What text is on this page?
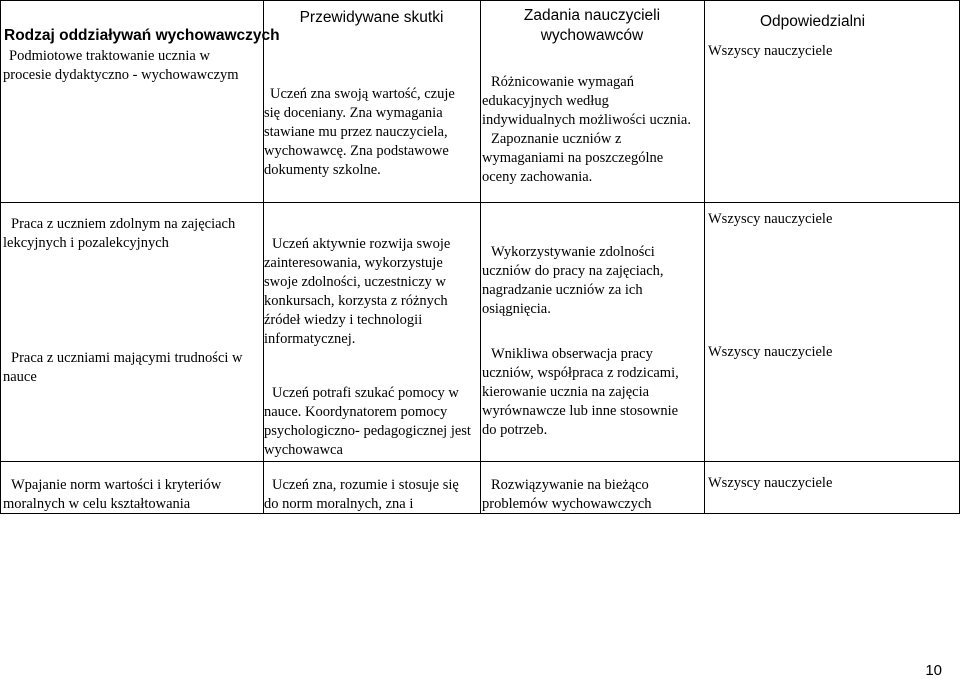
Rodzaj oddziaływań wychowawczych
Przewidywane skutki	Zadania nauczycieli
wychowawców
Odpowiedzialni
Podmiotowe traktowanie ucznia w
procesie dydaktyczno - wychowawczym
Uczeń zna swoją wartość, czuje
się doceniany. Zna wymagania
stawiane mu przez nauczyciela,
wychowawcę. Zna podstawowe
dokumenty szkolne.
Różnicowanie wymagań
edukacyjnych według
indywidualnych możliwości ucznia.
Zapoznanie uczniów z
wymaganiami na poszczególne
oceny zachowania.
Wszyscy nauczyciele
Praca z uczniem zdolnym na zajęciach
lekcyjnych i pozalekcyjnych
Praca z uczniami mającymi trudności w
nauce
Uczeń aktywnie rozwija swoje
zainteresowania, wykorzystuje
swoje zdolności, uczestniczy w
konkursach, korzysta z różnych
źródeł wiedzy i technologii
informatycznej.
Uczeń potrafi szukać pomocy w
nauce. Koordynatorem pomocy
psychologiczno- pedagogicznej jest
wychowawca
Wykorzystywanie zdolności
uczniów do pracy na zajęciach,
nagradzanie uczniów za ich
osiągnięcia.
Wnikliwa obserwacja pracy
uczniów, współpraca z rodzicami,
kierowanie ucznia na zajęcia
wyrównawcze lub inne stosownie
do potrzeb.
Wszyscy nauczyciele
Wszyscy nauczyciele
Wpajanie norm wartości i kryteriów
moralnych w celu kształtowania
Uczeń zna, rozumie i stosuje się
do norm moralnych, zna i
Rozwiązywanie na bieżąco
problemów wychowawczych
Wszyscy nauczyciele
10
